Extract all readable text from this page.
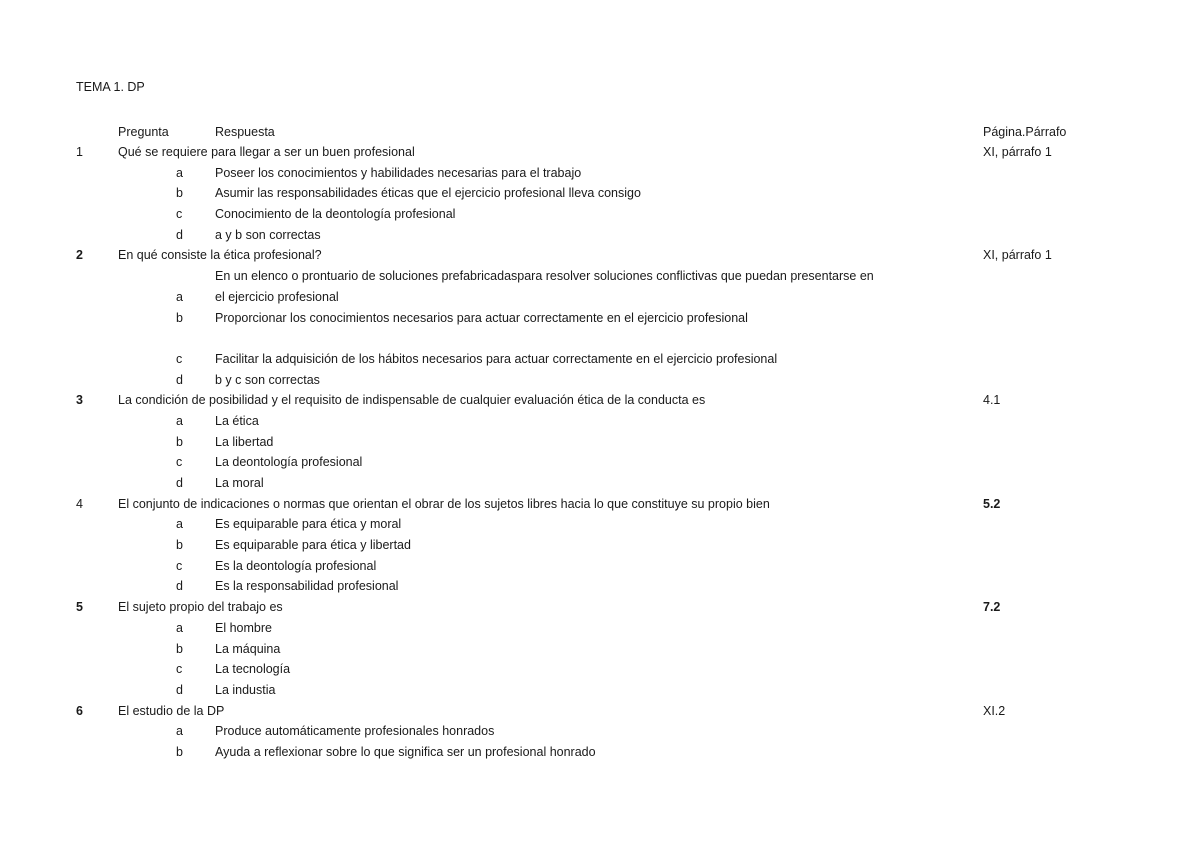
TEMA 1. DP
Pregunta	Respuesta	Página.Párrafo
1	Qué se requiere para llegar a ser un buen profesional	XI, párrafo 1
a	Poseer los conocimientos y habilidades necesarias para el trabajo
b	Asumir las responsabilidades éticas que el ejercicio profesional lleva consigo
c	Conocimiento de la deontología profesional
d	a y b son correctas
2	En qué consiste la ética profesional?	XI, párrafo 1
En un elenco o prontuario de soluciones prefabricadaspara resolver soluciones conflictivas que puedan presentarse en
a	el ejercicio profesional
b	Proporcionar los conocimientos necesarios para actuar correctamente en el ejercicio profesional
c	Facilitar la adquisición de los hábitos necesarios para actuar correctamente en el ejercicio profesional
d	b y c son correctas
3	La condición de posibilidad y el requisito de indispensable de cualquier evaluación ética de la conducta es	4.1
a	La ética
b	La libertad
c	La deontología profesional
d	La moral
4	El conjunto de indicaciones o normas que orientan el obrar de los sujetos libres hacia lo que constituye su propio bien	5.2
a	Es equiparable para ética y moral
b	Es equiparable para ética y libertad
c	Es la deontología profesional
d	Es la responsabilidad profesional
5	El sujeto propio del trabajo es	7.2
a	El hombre
b	La máquina
c	La tecnología
d	La industia
6	El estudio de la DP	XI.2
a	Produce automáticamente profesionales honrados
b	Ayuda a reflexionar sobre lo que significa ser un profesional honrado
